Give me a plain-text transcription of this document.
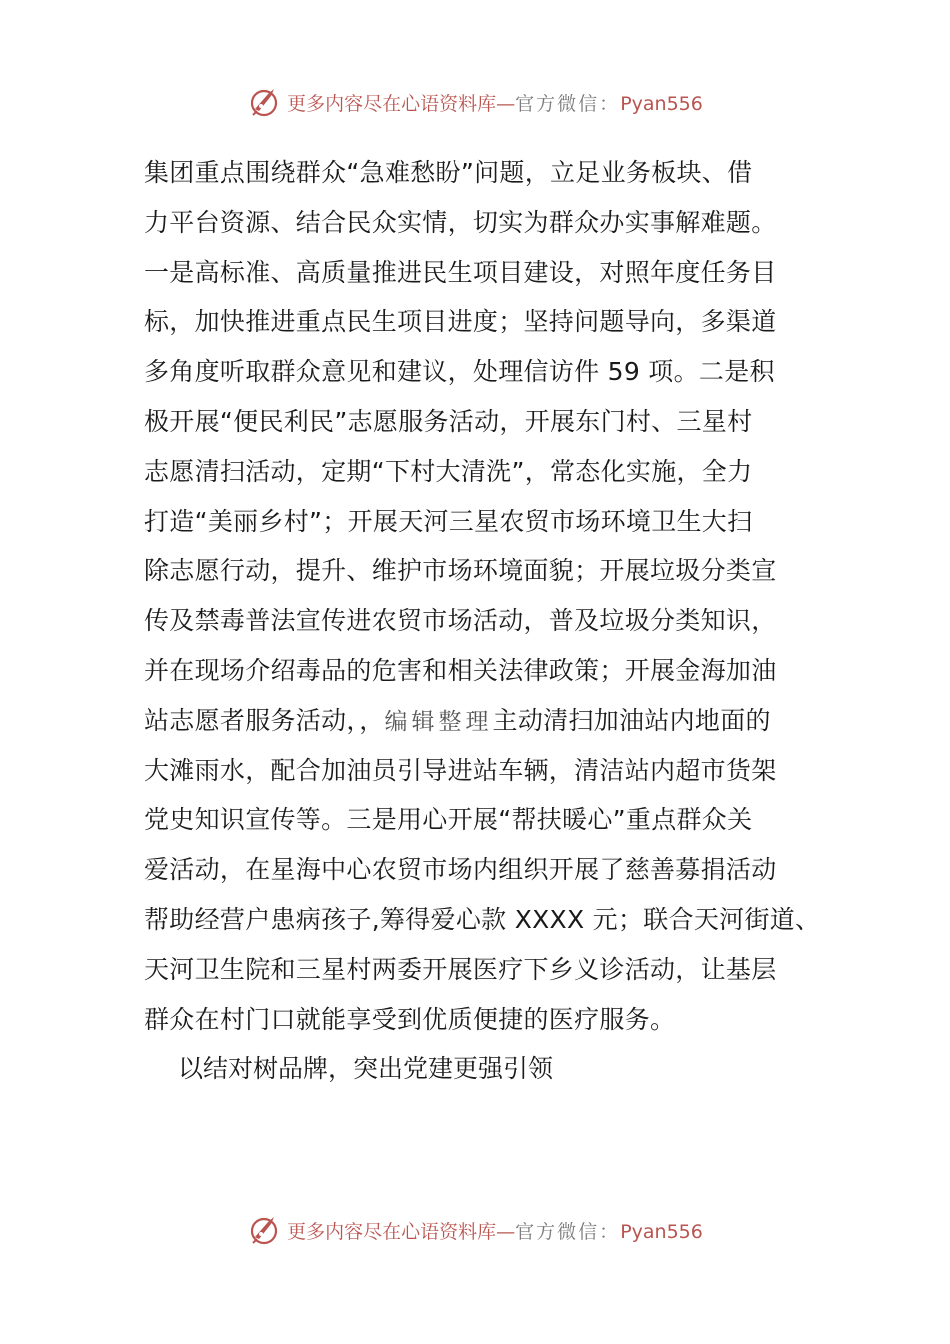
更多内容尽在心语资料库—官方微信：Pyan556
集团重点围绕群众“急难愁盼”问题，立足业务板块、借
力平台资源、结合民众实情，切实为群众办实事解难题。
一是高标准、高质量推进民生项目建设，对照年度任务目
标，加快推进重点民生项目进度；坚持问题导向，多渠道
多角度听取群众意见和建议，处理信访件 59 项。二是积
极开展“便民利民”志愿服务活动，开展东门村、三星村
志愿清扫活动，定期“下村大清洗”，常态化实施，全力
打造“美丽乡村”；开展天河三星农贸市场环境卫生大扫
除志愿行动，提升、维护市场环境面貌；开展垃圾分类宣
传及禁毒普法宣传进农贸市场活动，普及垃圾分类知识，
并在现场介绍毒品的危害和相关法律政策；开展金海加油
站志愿者服务活动，，编辑整理主动清扫加油站内地面的
大滩雨水，配合加油员引导进站车辆，清洁站内超市货架
党史知识宣传等。三是用心开展“帮扶暖心”重点群众关
爱活动，在星海中心农贸市场内组织开展了慈善募捐活动
帮助经营户患病孩子,筹得爱心款 XXXX 元；联合天河街道、
天河卫生院和三星村两委开展医疗下乡义诊活动，让基层
群众在村门口就能享受到优质便捷的医疗服务。
以结对树品牌，突出党建更强引领
更多内容尽在心语资料库—官方微信：Pyan556
